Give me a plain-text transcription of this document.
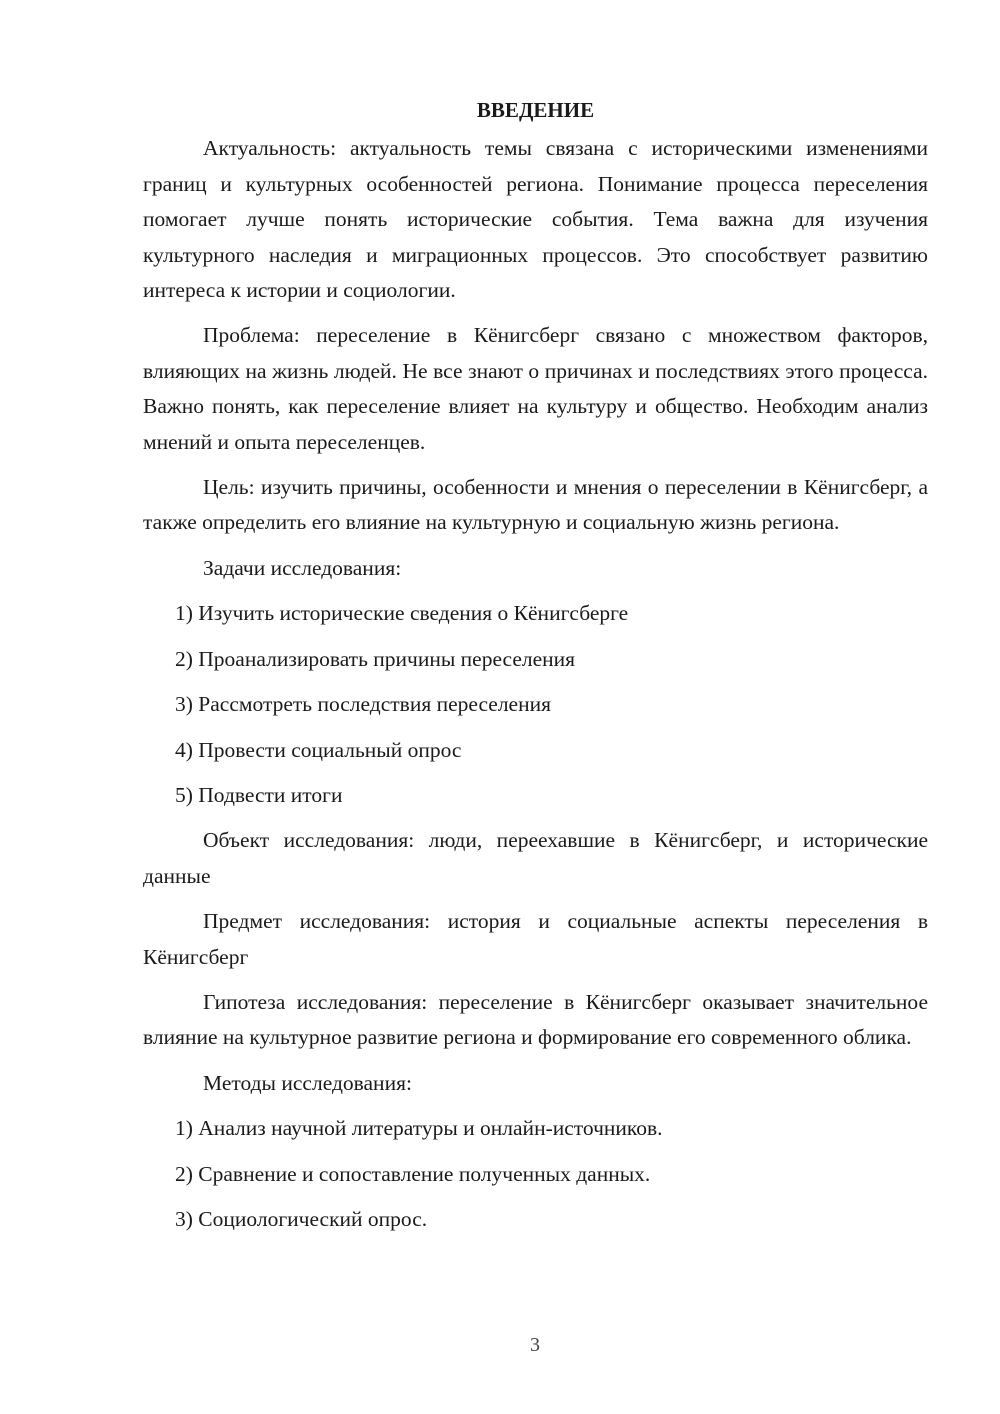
ВВЕДЕНИЕ

Актуальность: актуальность темы связана с историческими изменениями границ и культурных особенностей региона. Понимание процесса переселения помогает лучше понять исторические события. Тема важна для изучения культурного наследия и миграционных процессов. Это способствует развитию интереса к истории и социологии.

Проблема: переселение в Кёнигсберг связано с множеством факторов, влияющих на жизнь людей. Не все знают о причинах и последствиях этого процесса. Важно понять, как переселение влияет на культуру и общество. Необходим анализ мнений и опыта переселенцев.

Цель: изучить причины, особенности и мнения о переселении в Кёнигсберг, а также определить его влияние на культурную и социальную жизнь региона.

Задачи исследования:
1) Изучить исторические сведения о Кёнигсберге
2) Проанализировать причины переселения
3) Рассмотреть последствия переселения
4) Провести социальный опрос
5) Подвести итоги

Объект исследования: люди, переехавшие в Кёнигсберг, и исторические данные

Предмет исследования: история и социальные аспекты переселения в Кёнигсберг

Гипотеза исследования: переселение в Кёнигсберг оказывает значительное влияние на культурное развитие региона и формирование его современного облика.

Методы исследования:
1) Анализ научной литературы и онлайн-источников.
2) Сравнение и сопоставление полученных данных.
3) Социологический опрос.
3
